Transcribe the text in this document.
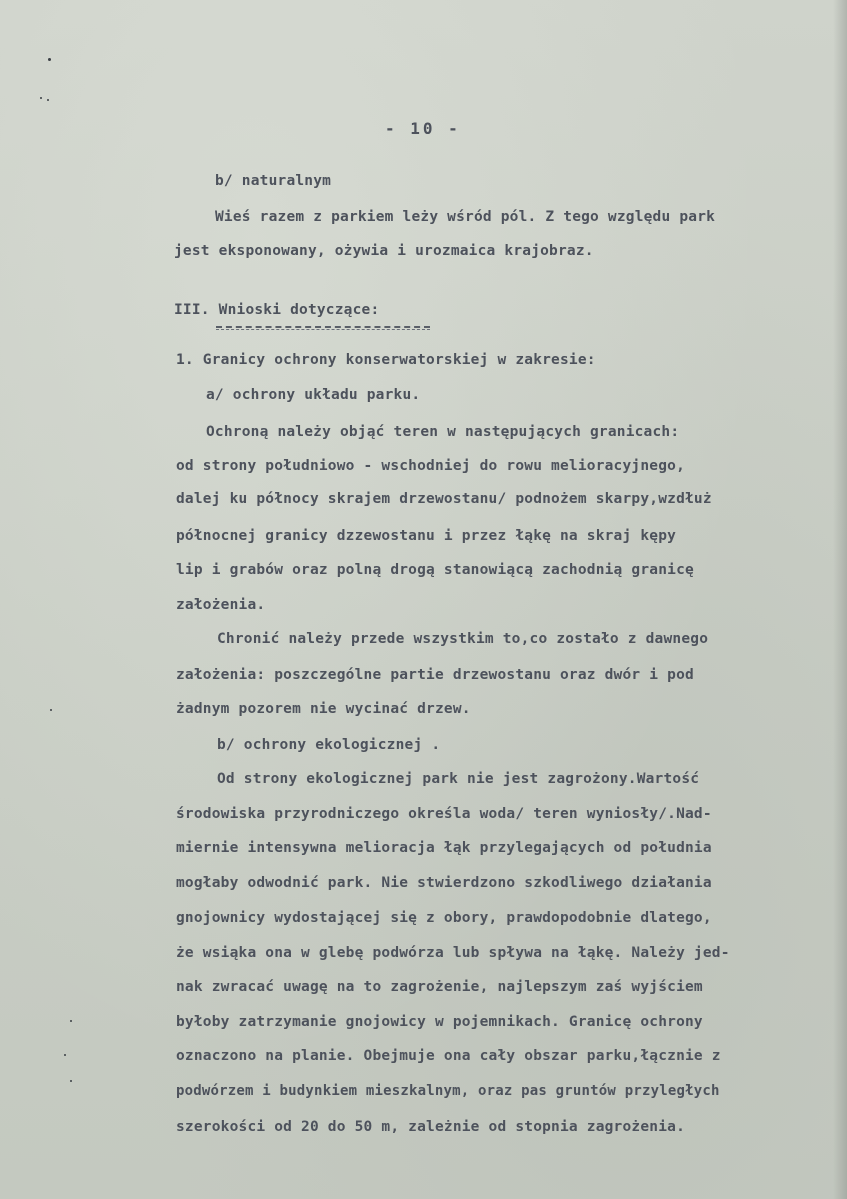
- 10 -
b/ naturalnym
Wieś razem z parkiem leży wśród pól. Z tego względu park
jest eksponowany, ożywia i urozmaica krajobraz.
III. Wnioski dotyczące:
1. Granicy ochrony konserwatorskiej w zakresie:
a/ ochrony układu parku.
Ochroną należy objąć teren w następujących granicach:
od strony południowo - wschodniej do rowu melioracyjnego,
dalej ku północy skrajem drzewostanu/ podnożem skarpy,wzdłuż
północnej granicy dzzewostanu i przez łąkę na skraj kępy
lip i grabów oraz polną drogą stanowiącą zachodnią granicę
założenia.
Chronić należy przede wszystkim to,co zostało z dawnego
założenia: poszczególne partie drzewostanu oraz dwór i pod
żadnym pozorem nie wycinać drzew.
b/ ochrony ekologicznej .
Od strony ekologicznej park nie jest zagrożony.Wartość
środowiska przyrodniczego określa woda/ teren wyniosły/.Nad-
miernie intensywna melioracja łąk przylegających od południa
mogłaby odwodnić park. Nie stwierdzono szkodliwego działania
gnojownicy wydostającej się z obory, prawdopodobnie dlatego,
że wsiąka ona w glebę podwórza lub spływa na łąkę. Należy jed-
nak zwracać uwagę na to zagrożenie, najlepszym zaś wyjściem
byłoby zatrzymanie gnojowicy w pojemnikach. Granicę ochrony
oznaczono na planie. Obejmuje ona cały obszar parku,łącznie z
podwórzem i budynkiem mieszkalnym, oraz pas gruntów przyległych
szerokości od 20 do 50 m, zależnie od stopnia zagrożenia.
